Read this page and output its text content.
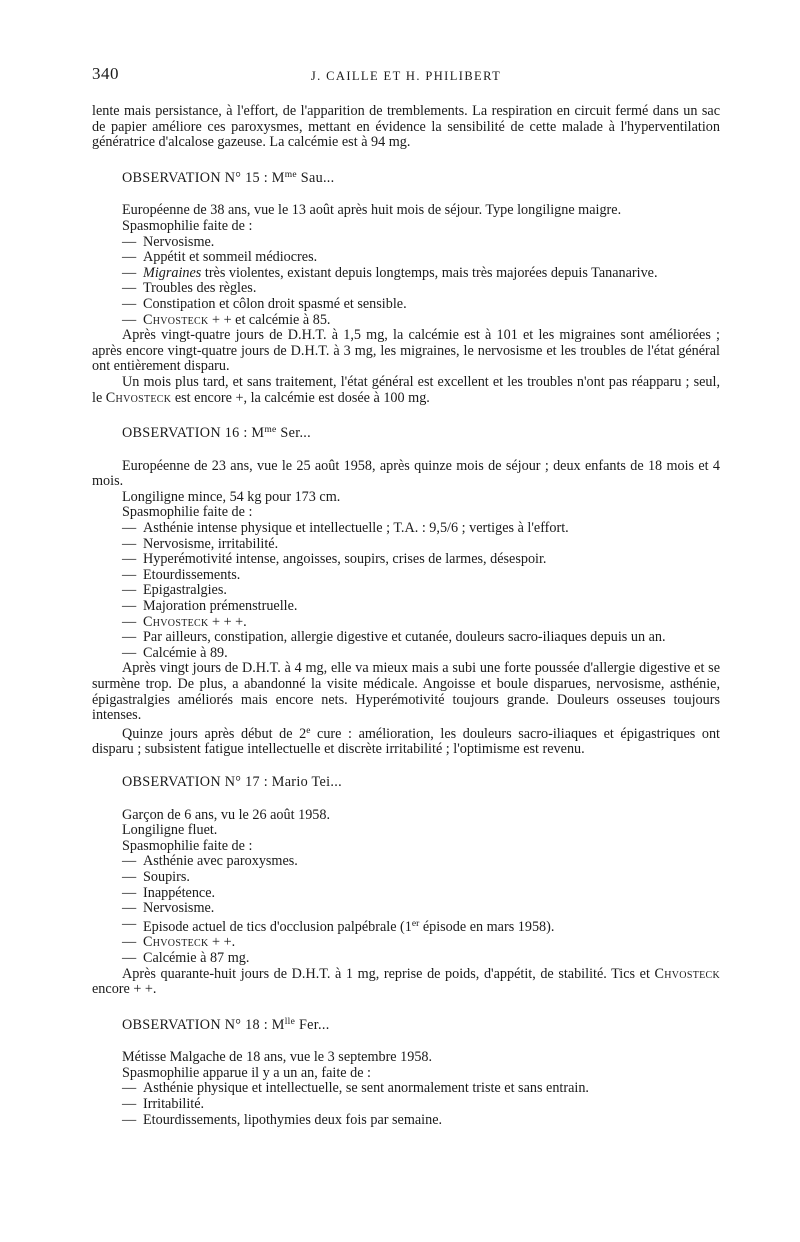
340	J. CAILLE ET H. PHILIBERT

lente mais persistance, à l'effort, de l'apparition de tremblements. La respiration en circuit fermé dans un sac de papier améliore ces paroxysmes, mettant en évidence la sensibilité de cette malade à l'hyperventilation génératrice d'alcalose gazeuse. La calcémie est à 94 mg.

OBSERVATION N° 15 : $M^{me}$ Sau...

Européenne de 38 ans, vue le 13 août après huit mois de séjour. Type longiligne maigre.

Spasmophilie faite de :
— Nervosisme.
— Appétit et sommeil médiocres.
— Migraines très violentes, existant depuis longtemps, mais très majorées depuis Tananarive.
— Troubles des règles.
— Constipation et côlon droit spasmé et sensible.
— Chvosteck + + et calcémie à 85.

Après vingt-quatre jours de D.H.T. à 1,5 mg, la calcémie est à 101 et les migraines sont améliorées ; après encore vingt-quatre jours de D.H.T. à 3 mg, les migraines, le nervosisme et les troubles de l'état général ont entièrement disparu.

Un mois plus tard, et sans traitement, l'état général est excellent et les troubles n'ont pas réapparu ; seul, le Chvosteck est encore +, la calcémie est dosée à 100 mg.

OBSERVATION 16 : $M^{me}$ Ser...

Européenne de 23 ans, vue le 25 août 1958, après quinze mois de séjour ; deux enfants de 18 mois et 4 mois.

Longiligne mince, 54 kg pour 173 cm.
Spasmophilie faite de :
— Asthénie intense physique et intellectuelle ; T.A. : 9,5/6 ; vertiges à l'effort.
— Nervosisme, irritabilité.
— Hyperémotivité intense, angoisses, soupirs, crises de larmes, désespoir.
— Etourdissements.
— Epigastralgies.
— Majoration prémenstruelle.
— Chvosteck + + +.
— Par ailleurs, constipation, allergie digestive et cutanée, douleurs sacro-iliaques depuis un an.
— Calcémie à 89.

Après vingt jours de D.H.T. à 4 mg, elle va mieux mais a subi une forte poussée d'allergie digestive et se surmène trop. De plus, a abandonné la visite médicale. Angoisse et boule disparues, nervosisme, asthénie, épigastralgies améliorés mais encore nets. Hyperémotivité toujours grande. Douleurs osseuses toujours intenses.

Quinze jours après début de 2e cure : amélioration, les douleurs sacro-iliaques et épigastriques ont disparu ; subsistent fatigue intellectuelle et discrète irritabilité ; l'optimisme est revenu.

OBSERVATION N° 17 : Mario Tei...
Garçon de 6 ans, vu le 26 août 1958.
Longiligne fluet.
Spasmophilie faite de :
— Asthénie avec paroxysmes.
— Soupirs.
— Inappétence.
— Nervosisme.
— Episode actuel de tics d'occlusion palpébrale (1er épisode en mars 1958).
— Chvosteck + +.
— Calcémie à 87 mg.

Après quarante-huit jours de D.H.T. à 1 mg, reprise de poids, d'appétit, de stabilité. Tics et Chvosteck encore + +.

OBSERVATION N° 18 : $M^{lle}$ Fer...
Métisse Malgache de 18 ans, vue le 3 septembre 1958.
Spasmophilie apparue il y a un an, faite de :
— Asthénie physique et intellectuelle, se sent anormalement triste et sans entrain.
— Irritabilité.
— Etourdissements, lipothymies deux fois par semaine.
